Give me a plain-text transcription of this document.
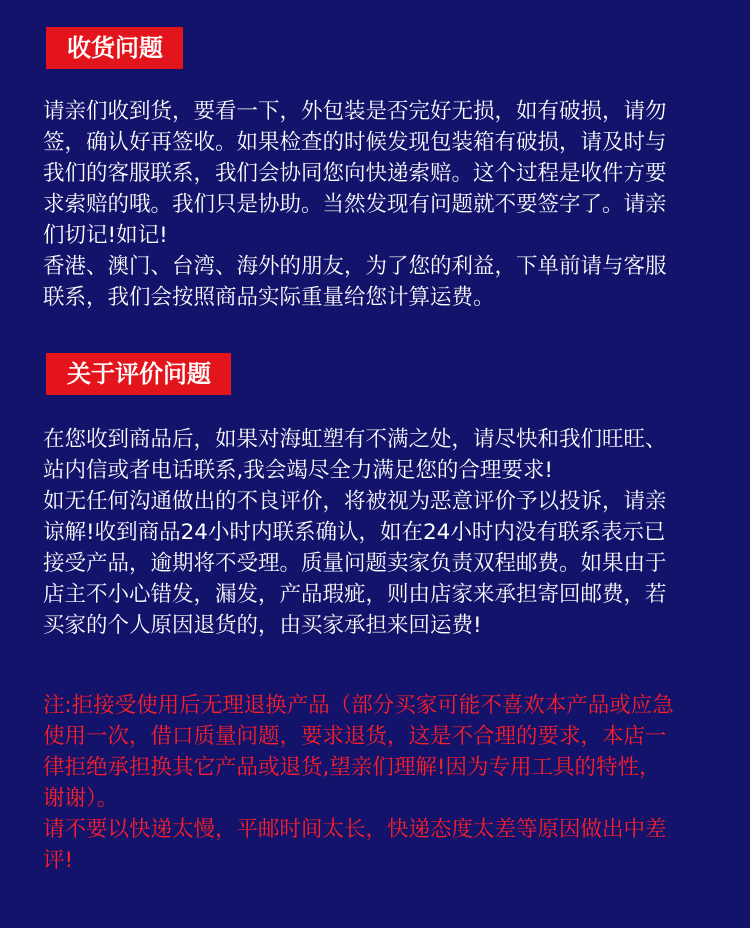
收货问题
请亲们收到货，要看一下，外包装是否完好无损，如有破损，请勿
签，确认好再签收。如果检查的时候发现包装箱有破损，请及时与
我们的客服联系，我们会协同您向快递索赔。这个过程是收件方要
求索赔的哦。我们只是协助。当然发现有问题就不要签字了。请亲
们切记!如记!
香港、澳门、台湾、海外的朋友，为了您的利益，下单前请与客服
联系，我们会按照商品实际重量给您计算运费。
关于评价问题
在您收到商品后，如果对海虹塑有不满之处，请尽快和我们旺旺、
站内信或者电话联系,我会竭尽全力满足您的合理要求!
如无任何沟通做出的不良评价，将被视为恶意评价予以投诉，请亲
谅解!收到商品24小时内联系确认，如在24小时内没有联系表示已
接受产品，逾期将不受理。质量问题卖家负责双程邮费。如果由于
店主不小心错发，漏发，产品瑕疵，则由店家来承担寄回邮费，若
买家的个人原因退货的，由买家承担来回运费!
注:拒接受使用后无理退换产品（部分买家可能不喜欢本产品或应急
使用一次，借口质量问题，要求退货，这是不合理的要求，本店一
律拒绝承担换其它产品或退货,望亲们理解!因为专用工具的特性，
谢谢）。
请不要以快递太慢，平邮时间太长，快递态度太差等原因做出中差
评!
